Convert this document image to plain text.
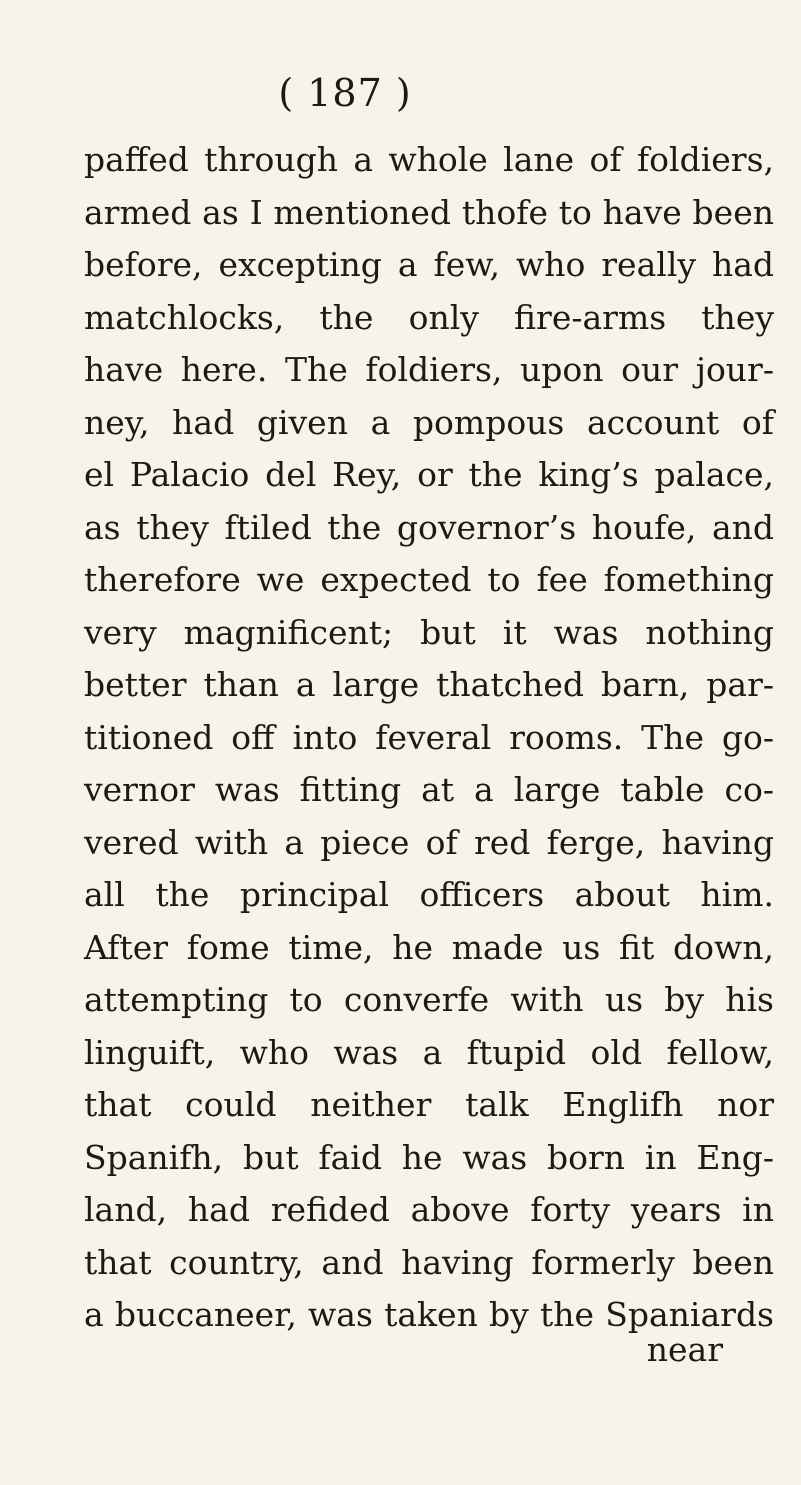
( 187 )
paffed through a whole lane of foldiers,
armed as I mentioned thofe to have been
before, excepting a few, who really had
matchlocks, the only fire-arms they
have here. The foldiers, upon our jour-
ney, had given a pompous account of
el Palacio del Rey, or the king’s palace,
as they ftiled the governor’s houfe, and
therefore we expected to fee fomething
very magnificent; but it was nothing
better than a large thatched barn, par-
titioned off into feveral rooms. The go-
vernor was fitting at a large table co-
vered with a piece of red ferge, having
all the principal officers about him.
After fome time, he made us fit down,
attempting to converfe with us by his
linguift, who was a ftupid old fellow,
that could neither talk Englifh nor
Spanifh, but faid he was born in Eng-
land, had refided above forty years in
that country, and having formerly been
a buccaneer, was taken by the Spaniards
near
